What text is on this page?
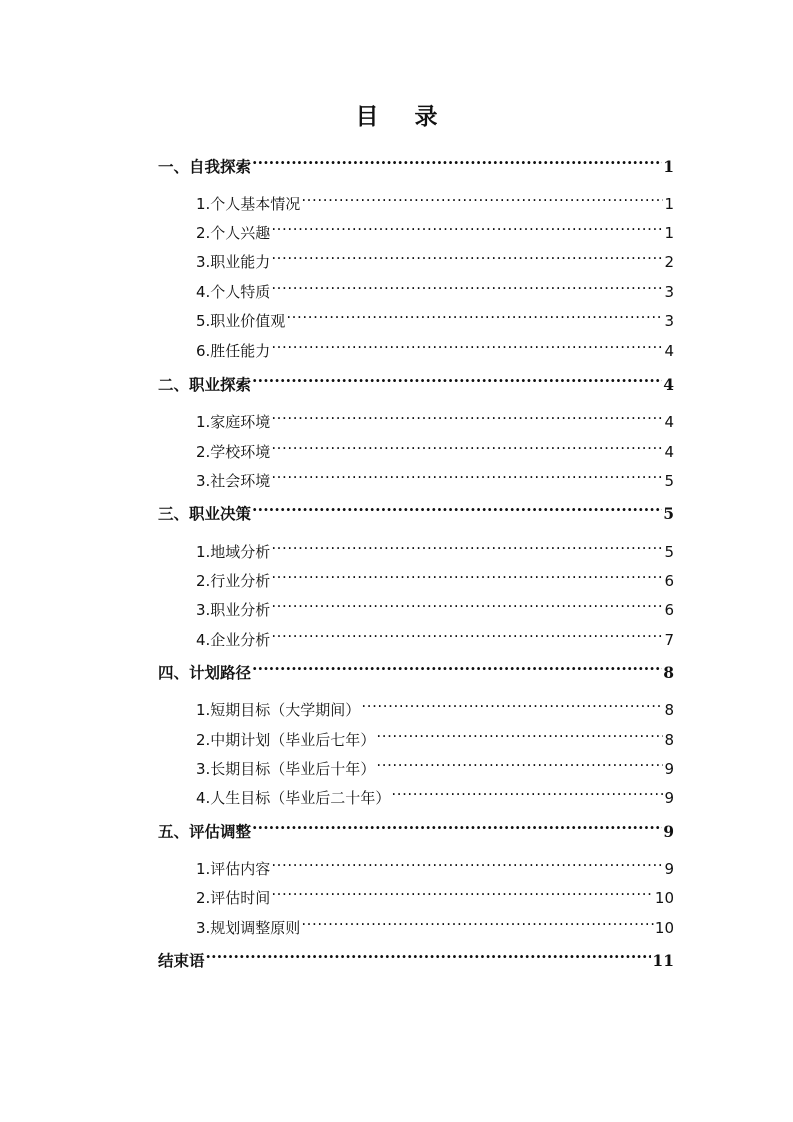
目 录
一、自我探索 .....	1
1.个人基本情况 .....	1
2.个人兴趣 .....	1
3.职业能力 .....	2
4.个人特质 .....	3
5.职业价值观 .....	3
6.胜任能力 .....	4
二、职业探索 .....	4
1.家庭环境 .....	4
2.学校环境 .....	4
3.社会环境 .....	5
三、职业决策 .....	5
1.地域分析 .....	5
2.行业分析 .....	6
3.职业分析 .....	6
4.企业分析 .....	7
四、计划路径 .....	8
1.短期目标（大学期间） .....	8
2.中期计划（毕业后七年） .....	8
3.长期目标（毕业后十年） .....	9
4.人生目标（毕业后二十年） .....	9
五、评估调整 .....	9
1.评估内容 .....	9
2.评估时间 .....	10
3.规划调整原则 .....	10
结束语 .....	11
